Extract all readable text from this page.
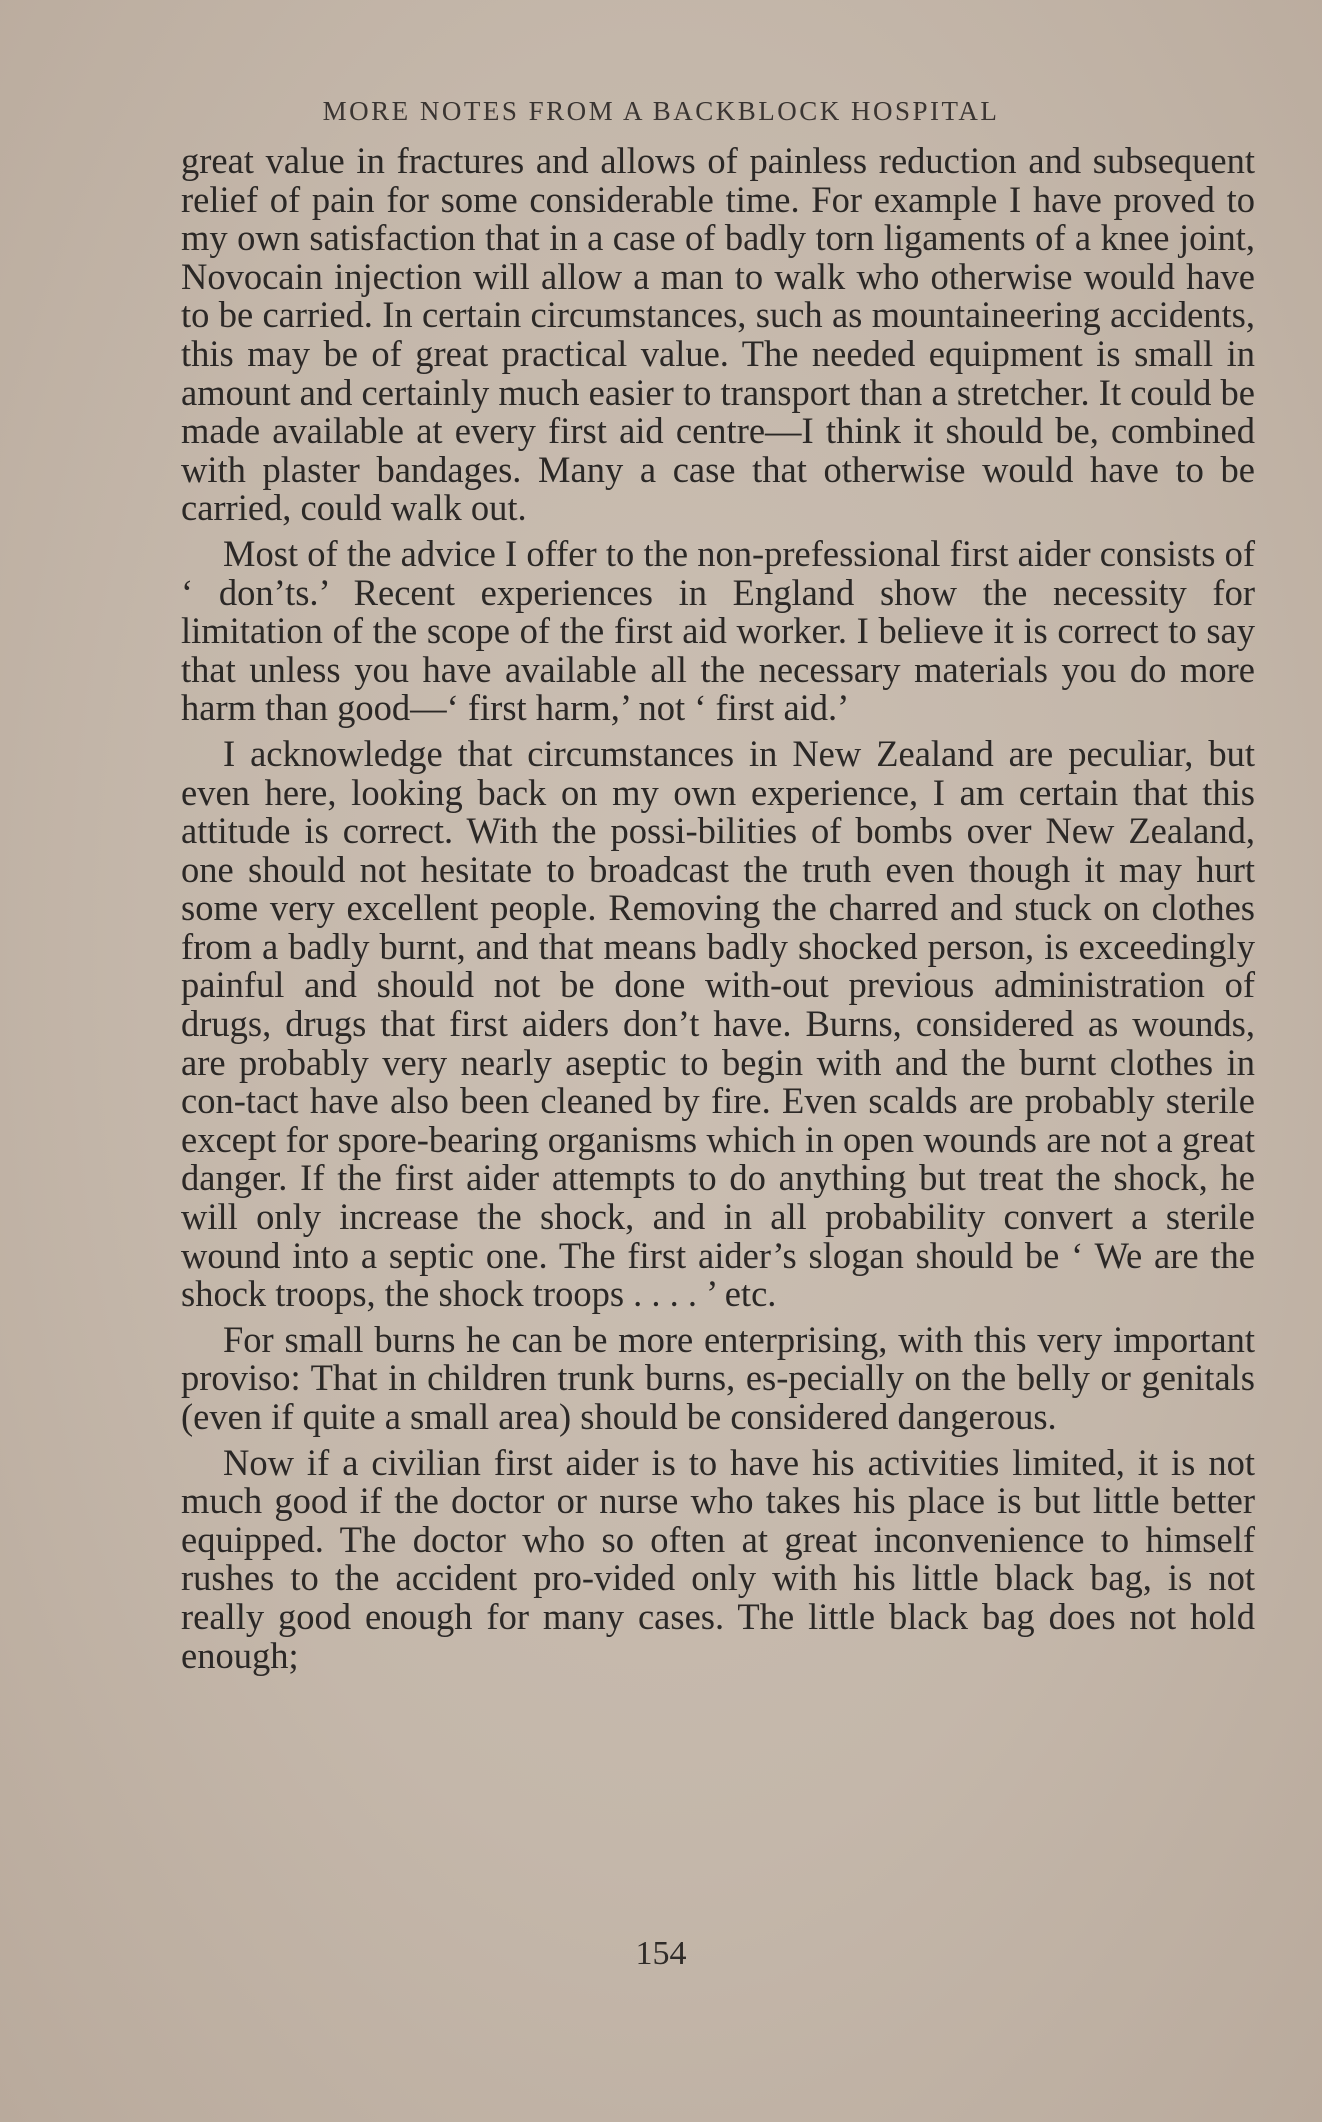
MORE NOTES FROM A BACKBLOCK HOSPITAL

great value in fractures and allows of painless reduction and subsequent relief of pain for some considerable time. For example I have proved to my own satisfaction that in a case of badly torn ligaments of a knee joint, Novocain injection will allow a man to walk who otherwise would have to be carried. In certain circumstances, such as mountaineering accidents, this may be of great practical value. The needed equipment is small in amount and certainly much easier to transport than a stretcher. It could be made available at every first aid centre—I think it should be, combined with plaster bandages. Many a case that otherwise would have to be carried, could walk out.

Most of the advice I offer to the non-prefessional first aider consists of ‘ don’ts.’ Recent experiences in England show the necessity for limitation of the scope of the first aid worker. I believe it is correct to say that unless you have available all the necessary materials you do more harm than good—‘ first harm,’ not ‘ first aid.’

I acknowledge that circumstances in New Zealand are peculiar, but even here, looking back on my own experience, I am certain that this attitude is correct. With the possi-bilities of bombs over New Zealand, one should not hesitate to broadcast the truth even though it may hurt some very excellent people. Removing the charred and stuck on clothes from a badly burnt, and that means badly shocked person, is exceedingly painful and should not be done with-out previous administration of drugs, drugs that first aiders don’t have. Burns, considered as wounds, are probably very nearly aseptic to begin with and the burnt clothes in con-tact have also been cleaned by fire. Even scalds are probably sterile except for spore-bearing organisms which in open wounds are not a great danger. If the first aider attempts to do anything but treat the shock, he will only increase the shock, and in all probability convert a sterile wound into a septic one. The first aider’s slogan should be ‘ We are the shock troops, the shock troops . . . . ’ etc.

For small burns he can be more enterprising, with this very important proviso: That in children trunk burns, es-pecially on the belly or genitals (even if quite a small area) should be considered dangerous.

Now if a civilian first aider is to have his activities limited, it is not much good if the doctor or nurse who takes his place is but little better equipped. The doctor who so often at great inconvenience to himself rushes to the accident pro-vided only with his little black bag, is not really good enough for many cases. The little black bag does not hold enough;

154
